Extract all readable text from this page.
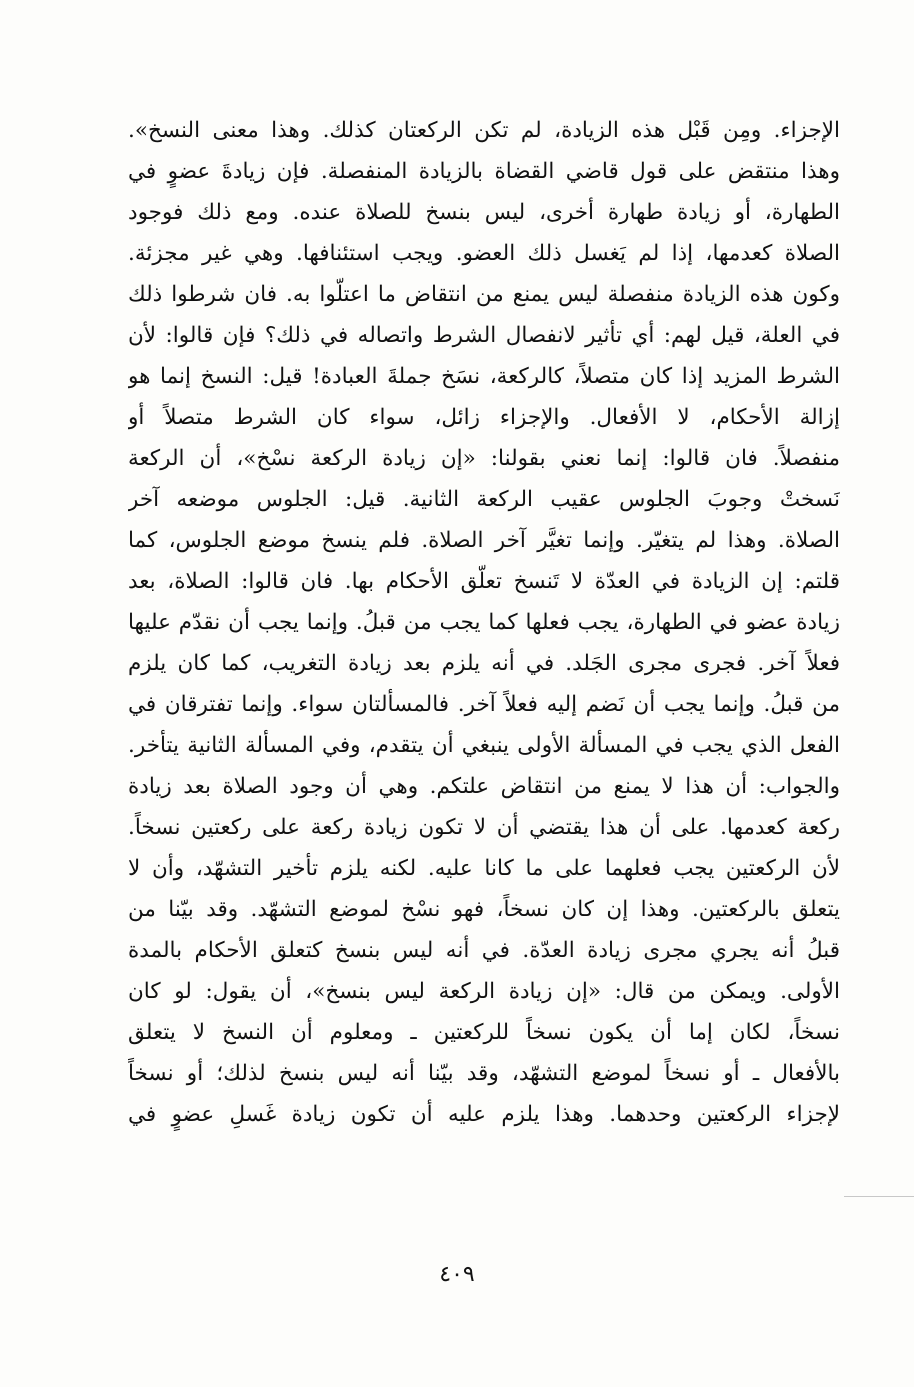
الإجزاء. ومِن قَبْل هذه الزيادة، لم تكن الركعتان كذلك. وهذا معنى النسخ».
وهذا منتقض على قول قاضي القضاة بالزيادة المنفصلة. فإن زيادةَ عضوٍ في
الطهارة، أو زيادة طهارة أخرى، ليس بنسخ للصلاة عنده. ومع ذلك فوجود
الصلاة كعدمها، إذا لم يَغسل ذلك العضو. ويجب استئنافها. وهي غير مجزئة.
وكون هذه الزيادة منفصلة ليس يمنع من انتقاض ما اعتلّوا به. فان شرطوا ذلك
في العلة، قيل لهم: أي تأثير لانفصال الشرط واتصاله في ذلك؟ فإن قالوا: لأن
الشرط المزيد إذا كان متصلاً، كالركعة، نسَخ جملةَ العبادة! قيل: النسخ إنما هو
إزالة الأحكام، لا الأفعال. والإجزاء زائل، سواء كان الشرط متصلاً أو
منفصلاً. فان قالوا: إنما نعني بقولنا: «إن زيادة الركعة نسْخ»، أن الركعة
نَسختْ وجوبَ الجلوس عقيب الركعة الثانية. قيل: الجلوس موضعه آخر
الصلاة. وهذا لم يتغيّر. وإنما تغيَّر آخر الصلاة. فلم ينسخ موضع الجلوس، كما
قلتم: إن الزيادة في العدّة لا تَنسخ تعلّق الأحكام بها. فان قالوا: الصلاة، بعد
زيادة عضو في الطهارة، يجب فعلها كما يجب من قبلُ. وإنما يجب أن نقدّم عليها
فعلاً آخر. فجرى مجرى الجَلد. في أنه يلزم بعد زيادة التغريب، كما كان يلزم
من قبلُ. وإنما يجب أن نَضم إليه فعلاً آخر. فالمسألتان سواء. وإنما تفترقان في
الفعل الذي يجب في المسألة الأولى ينبغي أن يتقدم، وفي المسألة الثانية يتأخر.
والجواب: أن هذا لا يمنع من انتقاض علتكم. وهي أن وجود الصلاة بعد زيادة
ركعة كعدمها. على أن هذا يقتضي أن لا تكون زيادة ركعة على ركعتين نسخاً.
لأن الركعتين يجب فعلهما على ما كانا عليه. لكنه يلزم تأخير التشهّد، وأن لا
يتعلق بالركعتين. وهذا إن كان نسخاً، فهو نسْخ لموضع التشهّد. وقد بيّنا من
قبلُ أنه يجري مجرى زيادة العدّة. في أنه ليس بنسخ كتعلق الأحكام بالمدة
الأولى. ويمكن من قال: «إن زيادة الركعة ليس بنسخ»، أن يقول: لو كان
نسخاً، لكان إما أن يكون نسخاً للركعتين ـ ومعلوم أن النسخ لا يتعلق
بالأفعال ـ أو نسخاً لموضع التشهّد، وقد بيّنا أنه ليس بنسخ لذلك؛ أو نسخاً
لإجزاء الركعتين وحدهما. وهذا يلزم عليه أن تكون زيادة غَسلِ عضوٍ في
٤٠٩
